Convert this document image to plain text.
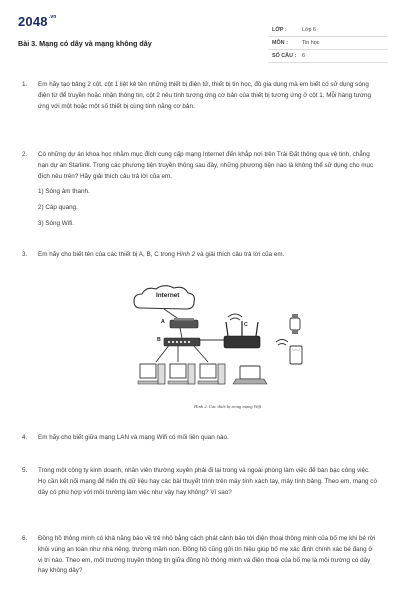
$2048^{.vn}$
Bài 3. Mạng có dây và mạng không dây
LỚP :	Lớp 6
MÔN :	Tin học
SỐ CÂU : 6
1. Em hãy tạo bảng 2 cột, cột 1 liệt kê tên những thiết bị điện tử, thiết bị tin học, đồ gia dụng mà em biết có sử dụng sóng điện từ để truyền hoặc nhận thông tin, cột 2 nêu tính tương ứng cơ bản của thiết bị tương ứng ở cột 1. Mỗi hàng tương ứng với một hoặc một số thiết bị cùng tính năng cơ bản.
2. Có những dự án khoa học nhằm mục đích cung cấp mạng Internet đến khắp nơi trên Trái Đất thông qua vệ tinh, chẳng hạn dự án Starlink. Trong các phương tiện truyền thông sau đây, những phương tiện nào là không thể sử dụng cho mục đích nêu trên? Hãy giải thích câu trả lời của em.
1) Sóng âm thanh.
2) Cáp quang.
3) Sóng Wifi.
3. Em hãy cho biết tên của các thiết bị A, B, C trong Hình 2 và giải thích câu trả lời của em.
Internet
A
B
C
Hình 2. Các thiết bị trong mạng Wifi
4. Em hãy cho biết giữa mạng LAN và mạng Wifi có mối liên quan nào.
5. Trong một công ty kinh doanh, nhân viên thường xuyên phải đi lại trong và ngoài phòng làm việc để bàn bạc công việc. Họ cần kết nối mạng để hiển thị dữ liệu hay các bài thuyết trình trên máy tính xách tay, máy tính bảng. Theo em, mạng có dây có phù hợp với môi trường làm việc như vậy hay không? Vì sao?
6. Đồng hồ thông minh có khả năng báo về trẻ nhỏ bằng cách phát cảnh báo tới điện thoại thông minh của bố mẹ khi bé rời khỏi vùng an toàn như nhà riêng, trường mầm non. Đồng hồ cũng gửi tín hiệu giúp bố mẹ xác định chính xác bé đang ở vị trí nào. Theo em, môi trường truyền thông tin giữa đồng hồ thông minh và điện thoại của bố mẹ là môi trường có dây hay không dây?
